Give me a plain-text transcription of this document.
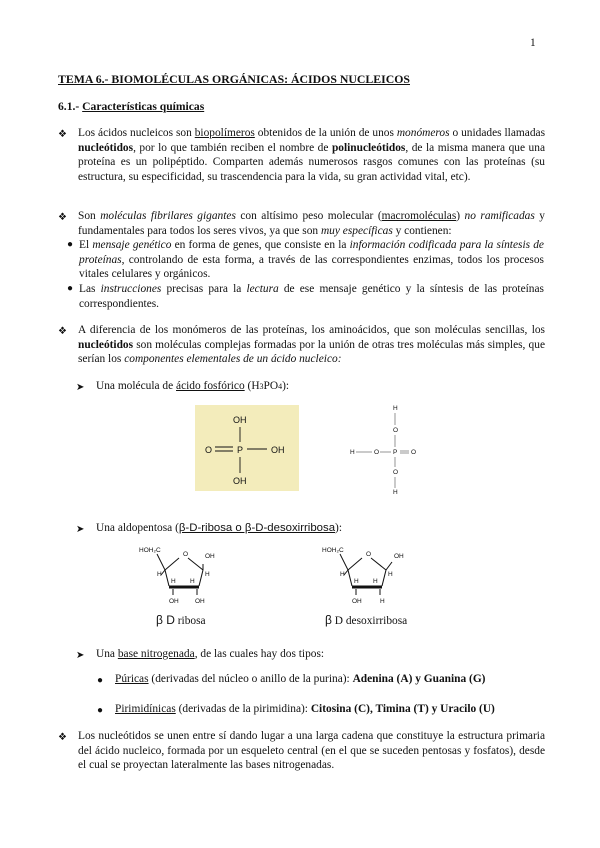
1
TEMA 6.- BIOMOLÉCULAS ORGÁNICAS: ÁCIDOS NUCLEICOS
6.1.- Características químicas
❖ Los ácidos nucleicos son biopolímeros obtenidos de la unión de unos monómeros o unidades llamadas nucleótidos, por lo que también reciben el nombre de polinucleótidos, de la misma manera que una proteína es un polipéptido. Comparten además numerosos rasgos comunes con las proteínas (su estructura, su especificidad, su trascendencia para la vida, su gran actividad vital, etc).
❖ Son moléculas fibrilares gigantes con altísimo peso molecular (macromoléculas) no ramificadas y fundamentales para todos los seres vivos, ya que son muy específicas y contienen:
● El mensaje genético en forma de genes, que consiste en la información codificada para la síntesis de proteínas, controlando de esta forma, a través de las correspondientes enzimas, todos los procesos vitales celulares y orgánicos.
● Las instrucciones precisas para la lectura de ese mensaje genético y la síntesis de las proteínas correspondientes.
❖ A diferencia de los monómeros de las proteínas, los aminoácidos, que son moléculas sencillas, los nucleótidos son moléculas complejas formadas por la unión de otras tres moléculas más simples, que serían los componentes elementales de un ácido nucleico:
➤ Una molécula de ácido fosfórico (H3PO4):
OH
O	P	OH
OH
H
O
H	O P O
O
H
➤ Una aldopentosa (β-D-ribosa o β-D-desoxirribosa):
HOH₂C
O	OH
H	H
H H
OH	OH
HOH₂C
O	OH
H	H
H H
OH	H
β D ribosa	β D desoxirribosa
➤ Una base nitrogenada, de las cuales hay dos tipos:
● Púricas (derivadas del núcleo o anillo de la purina): Adenina (A) y Guanina (G)
● Pirimidínicas (derivadas de la pirimidina): Citosina (C), Timina (T) y Uracilo (U)
❖ Los nucleótidos se unen entre sí dando lugar a una larga cadena que constituye la estructura primaria del ácido nucleico, formada por un esqueleto central (en el que se suceden pentosas y fosfatos), desde el cual se proyectan lateralmente las bases nitrogenadas.
